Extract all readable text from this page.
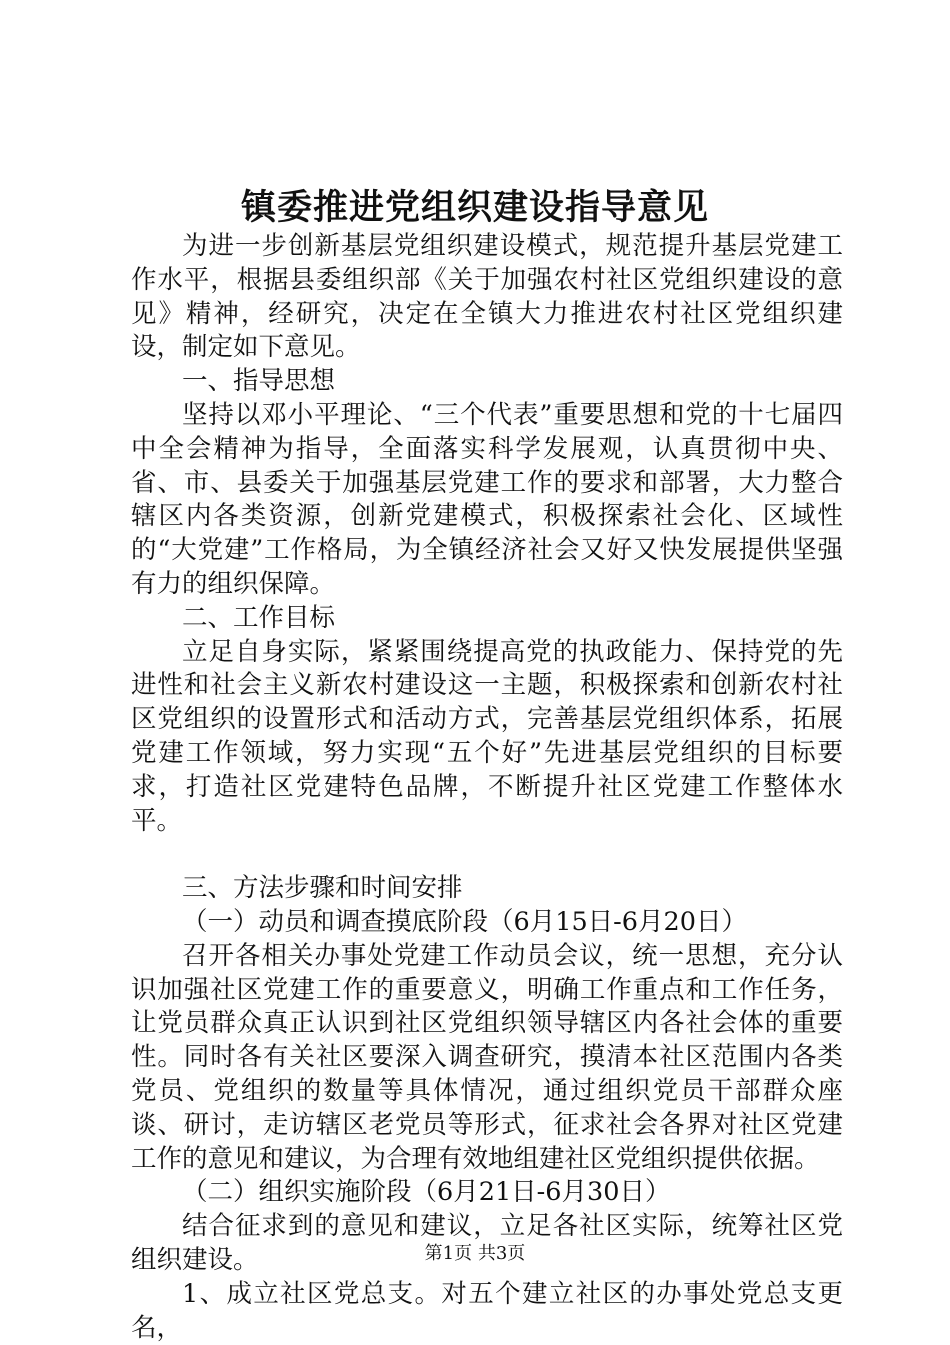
镇委推进党组织建设指导意见

为进一步创新基层党组织建设模式，规范提升基层党建工作水平，根据县委组织部《关于加强农村社区党组织建设的意见》精神，经研究，决定在全镇大力推进农村社区党组织建设，制定如下意见。

一、指导思想

坚持以邓小平理论、“三个代表”重要思想和党的十七届四中全会精神为指导，全面落实科学发展观，认真贯彻中央、省、市、县委关于加强基层党建工作的要求和部署，大力整合辖区内各类资源，创新党建模式，积极探索社会化、区域性的“大党建”工作格局，为全镇经济社会又好又快发展提供坚强有力的组织保障。

二、工作目标

立足自身实际，紧紧围绕提高党的执政能力、保持党的先进性和社会主义新农村建设这一主题，积极探索和创新农村社区党组织的设置形式和活动方式，完善基层党组织体系，拓展党建工作领域，努力实现“五个好”先进基层党组织的目标要求，打造社区党建特色品牌，不断提升社区党建工作整体水平。

三、方法步骤和时间安排

（一）动员和调查摸底阶段（6月15日-6月20日）

召开各相关办事处党建工作动员会议，统一思想，充分认识加强社区党建工作的重要意义，明确工作重点和工作任务，让党员群众真正认识到社区党组织领导辖区内各社会体的重要性。同时各有关社区要深入调查研究，摸清本社区范围内各类党员、党组织的数量等具体情况，通过组织党员干部群众座谈、研讨，走访辖区老党员等形式，征求社会各界对社区党建工作的意见和建议，为合理有效地组建社区党组织提供依据。

（二）组织实施阶段（6月21日-6月30日）

结合征求到的意见和建议，立足各社区实际，统筹社区党组织建设。

1、成立社区党总支。对五个建立社区的办事处党总支更名，

第1页 共3页
